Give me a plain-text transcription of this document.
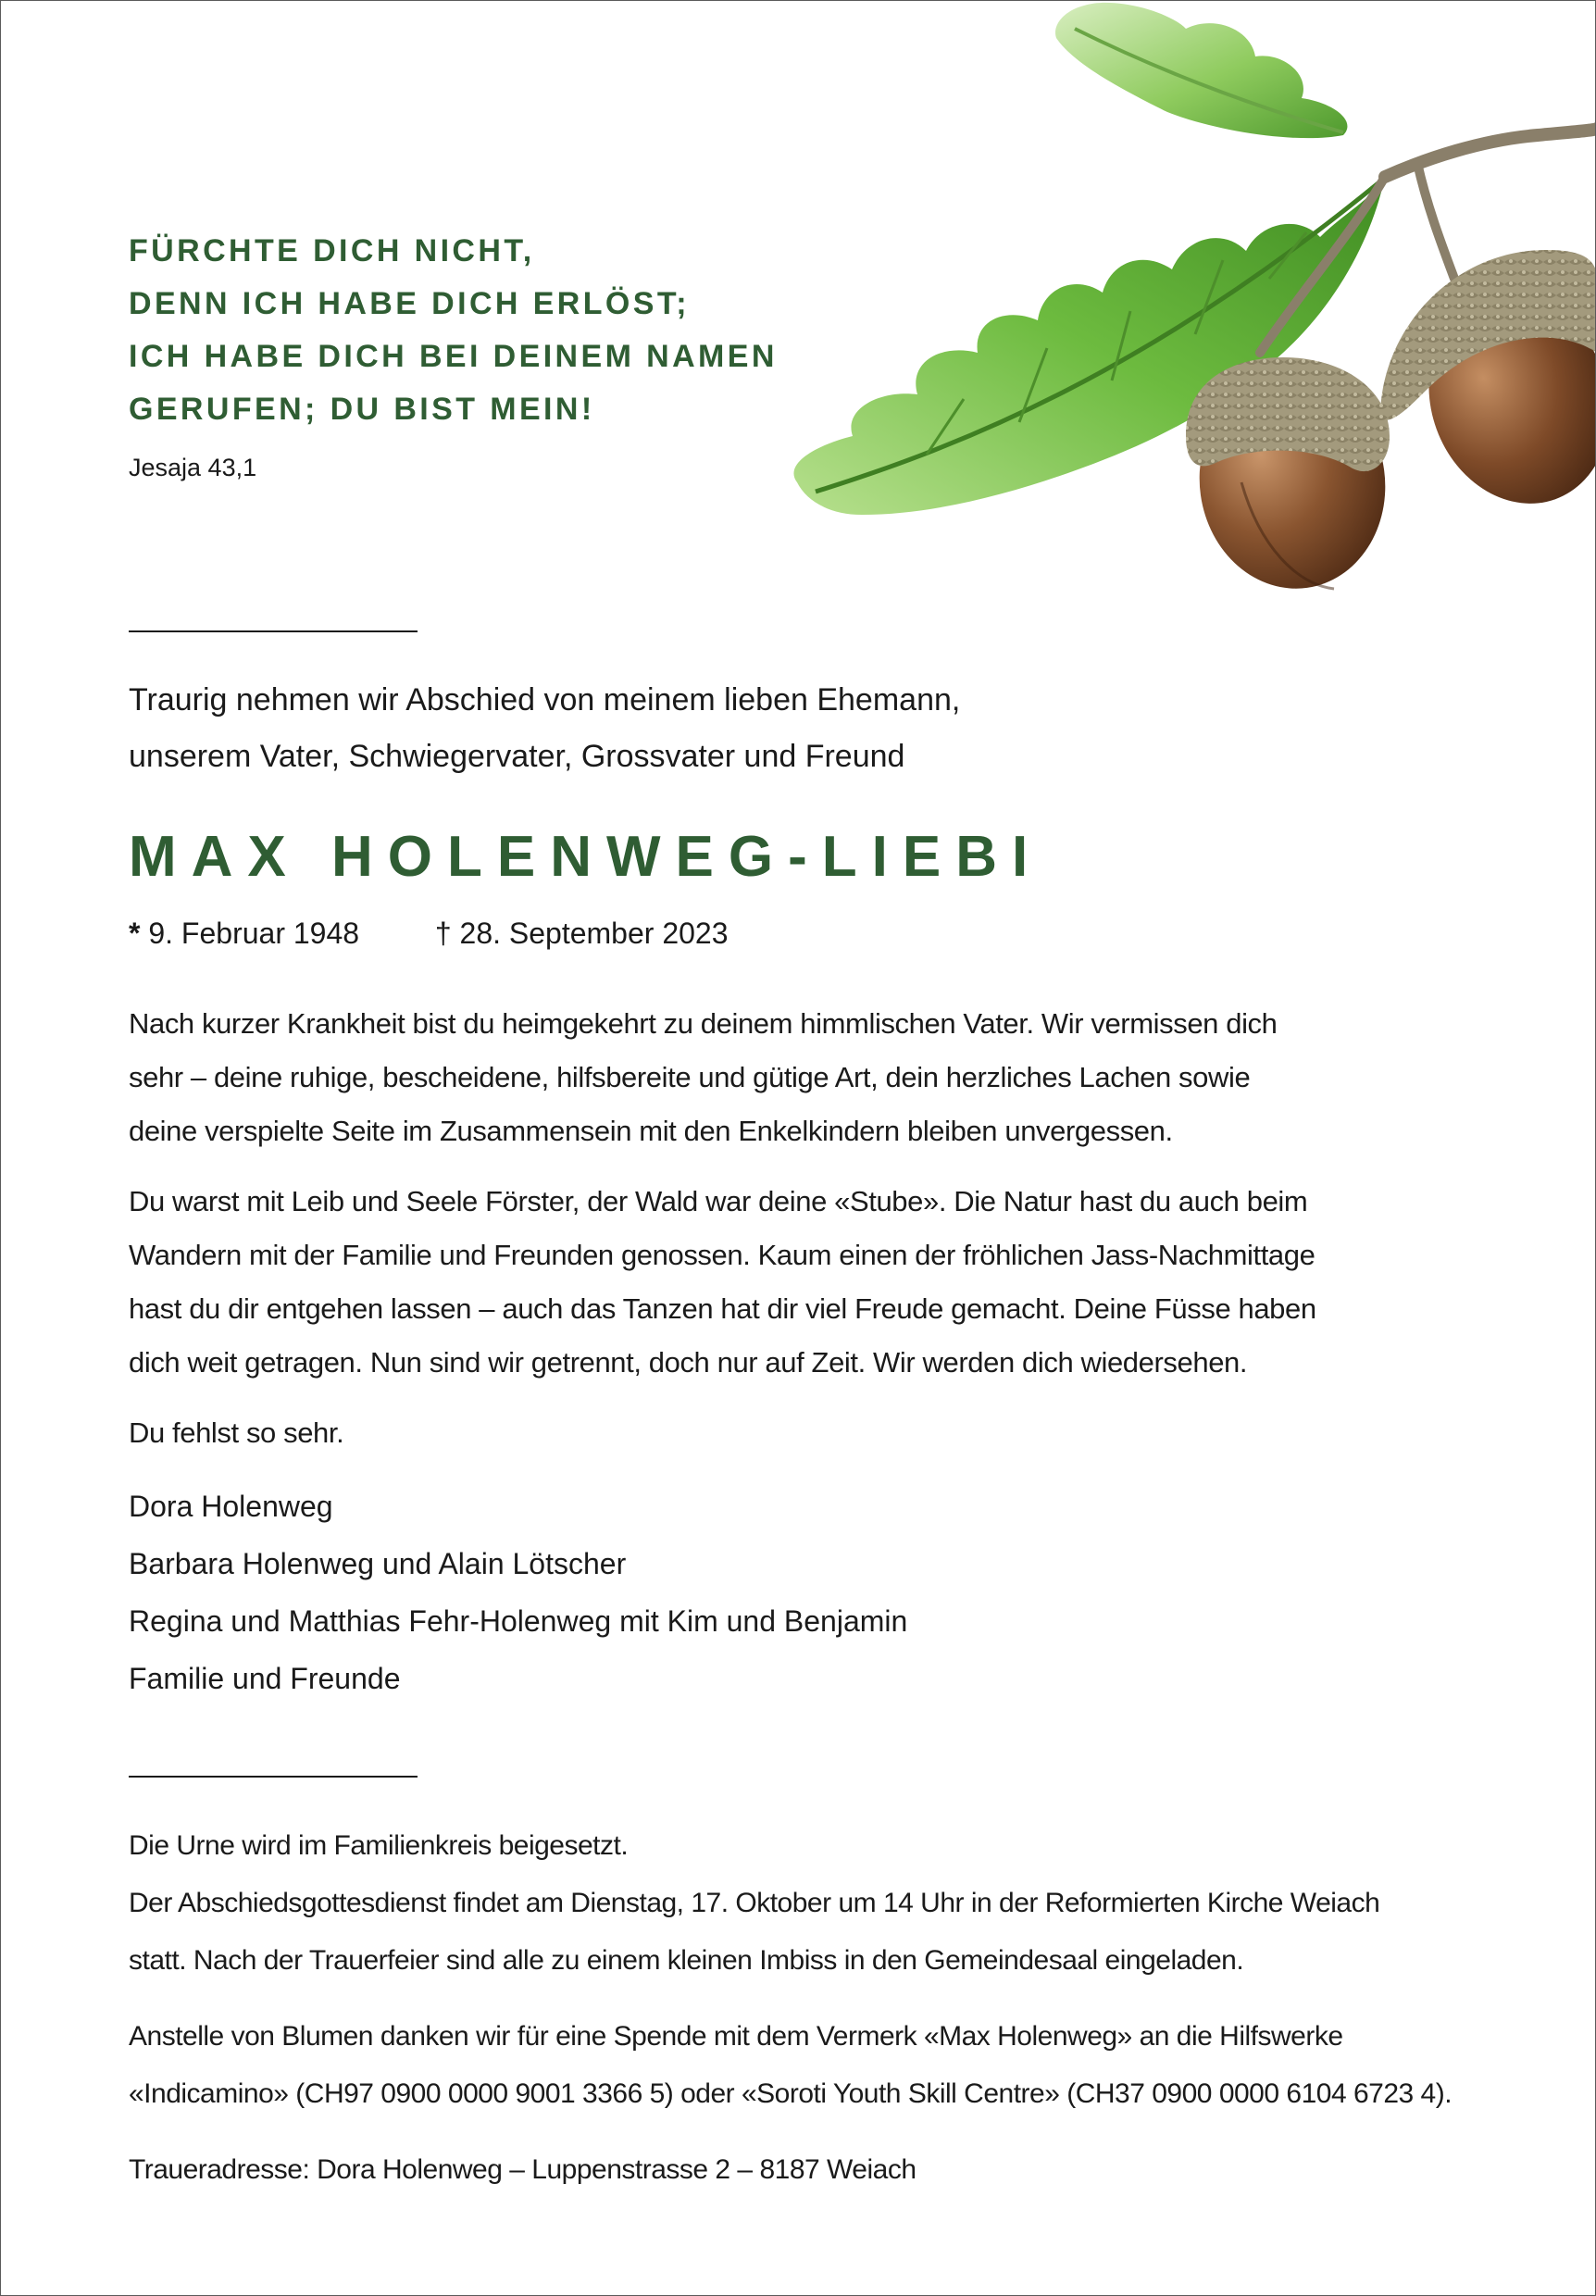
FÜRCHTE DICH NICHT,
DENN ICH HABE DICH ERLÖST;
ICH HABE DICH BEI DEINEM NAMEN
GERUFEN; DU BIST MEIN!
Jesaja 43,1
Traurig nehmen wir Abschied von meinem lieben Ehemann,
unserem Vater, Schwiegervater, Grossvater und Freund
MAX HOLENWEG-LIEBI
* 9. Februar 1948	† 28. September 2023

Nach kurzer Krankheit bist du heimgekehrt zu deinem himmlischen Vater. Wir vermissen dich
sehr – deine ruhige, bescheidene, hilfsbereite und gütige Art, dein herzliches Lachen sowie
deine verspielte Seite im Zusammensein mit den Enkelkindern bleiben unvergessen.

Du warst mit Leib und Seele Förster, der Wald war deine «Stube». Die Natur hast du auch beim
Wandern mit der Familie und Freunden genossen. Kaum einen der fröhlichen Jass-Nachmittage
hast du dir entgehen lassen – auch das Tanzen hat dir viel Freude gemacht. Deine Füsse haben
dich weit getragen. Nun sind wir getrennt, doch nur auf Zeit. Wir werden dich wiedersehen.

Du fehlst so sehr.

Dora Holenweg
Barbara Holenweg und Alain Lötscher
Regina und Matthias Fehr-Holenweg mit Kim und Benjamin
Familie und Freunde
Die Urne wird im Familienkreis beigesetzt.
Der Abschiedsgottesdienst findet am Dienstag, 17. Oktober um 14 Uhr in der Reformierten Kirche Weiach
statt. Nach der Trauerfeier sind alle zu einem kleinen Imbiss in den Gemeindesaal eingeladen.
Anstelle von Blumen danken wir für eine Spende mit dem Vermerk «Max Holenweg» an die Hilfswerke
«Indicamino» (CH97 0900 0000 9001 3366 5) oder «Soroti Youth Skill Centre» (CH37 0900 0000 6104 6723 4).
Traueradresse: Dora Holenweg – Luppenstrasse 2 – 8187 Weiach
